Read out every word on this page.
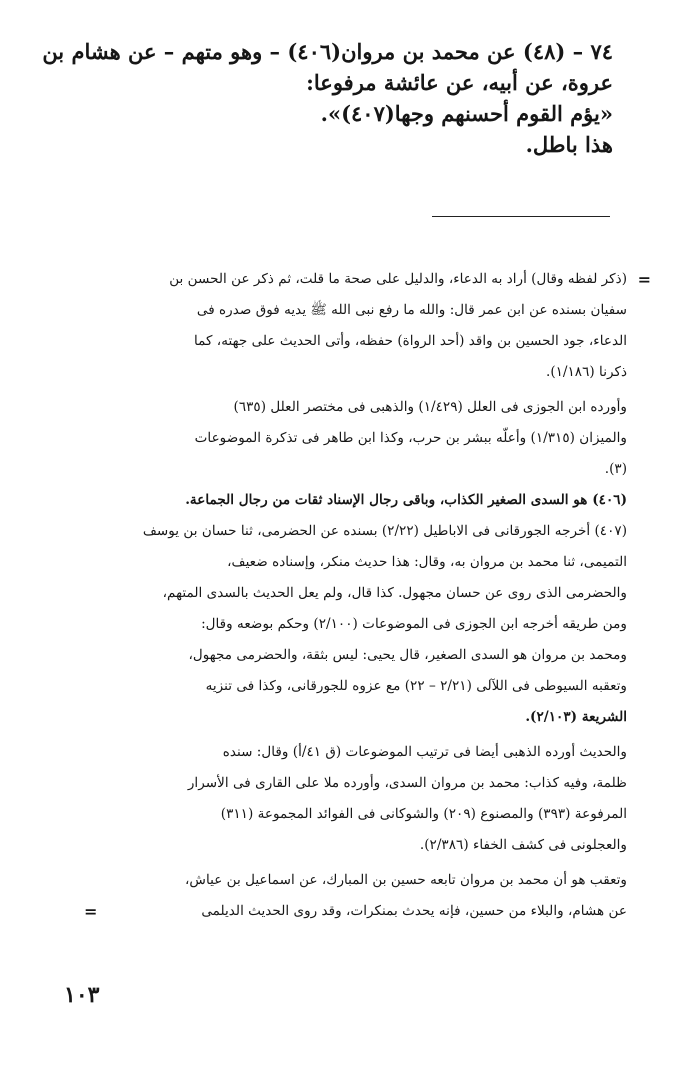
٧٤ – (٤٨) عن محمد بن مروان(٤٠٦) – وهو متهم – عن هشام بن

عروة، عن أبيه، عن عائشة مرفوعا:

«يؤم القوم أحسنهم وجها(٤٠٧)».

هذا باطل.

=
(ذكر لفظه وقال) أراد به الدعاء، والدليل على صحة ما قلت، ثم ذكر عن الحسن بن
سفيان بسنده عن ابن عمر قال: والله ما رفع نبى الله ﷺ يديه فوق صدره فى
الدعاء، جود الحسين بن واقد (أحد الرواة) حفظه، وأتى الحديث على جهته، كما
ذكرنا (١/١٨٦).
وأورده ابن الجوزى فى العلل (١/٤٢٩) والذهبى فى مختصر العلل (٦٣٥)
والميزان (١/٣١٥) وأعلّه ببشر بن حرب، وكذا ابن طاهر فى تذكرة الموضوعات
(٣).
(٤٠٦) هو السدى الصغير الكذاب، وباقى رجال الإسناد ثقات من رجال الجماعة.
(٤٠٧) أخرجه الجورقانى فى الاباطيل (٢/٢٢) بسنده عن الحضرمى، ثنا حسان بن يوسف
التميمى، ثنا محمد بن مروان به، وقال: هذا حديث منكر، وإسناده ضعيف،
والحضرمى الذى روى عن حسان مجهول. كذا قال، ولم يعل الحديث بالسدى المتهم،
ومن طريقه أخرجه ابن الجوزى فى الموضوعات (٢/١٠٠) وحكم بوضعه وقال:
ومحمد بن مروان هو السدى الصغير، قال يحيى: ليس بثقة، والحضرمى مجهول،
وتعقبه السيوطى فى اللآلى (٢/٢١ – ٢٢) مع عزوه للجورقانى، وكذا فى تنزيه
الشريعة (٢/١٠٣).
والحديث أورده الذهبى أيضا فى ترتيب الموضوعات (ق ٤١/أ) وقال: سنده
ظلمة، وفيه كذاب: محمد بن مروان السدى، وأورده ملا على القارى فى الأسرار
المرفوعة (٣٩٣) والمصنوع (٢٠٩) والشوكانى فى الفوائد المجموعة (٣١١)
والعجلونى فى كشف الخفاء (٢/٣٨٦).
وتعقب هو أن محمد بن مروان تابعه حسين بن المبارك، عن اسماعيل بن عياش،
عن هشام، والبلاء من حسين، فإنه يحدث بمنكرات، وقد روى الحديث الديلمى
=
١٠٣
